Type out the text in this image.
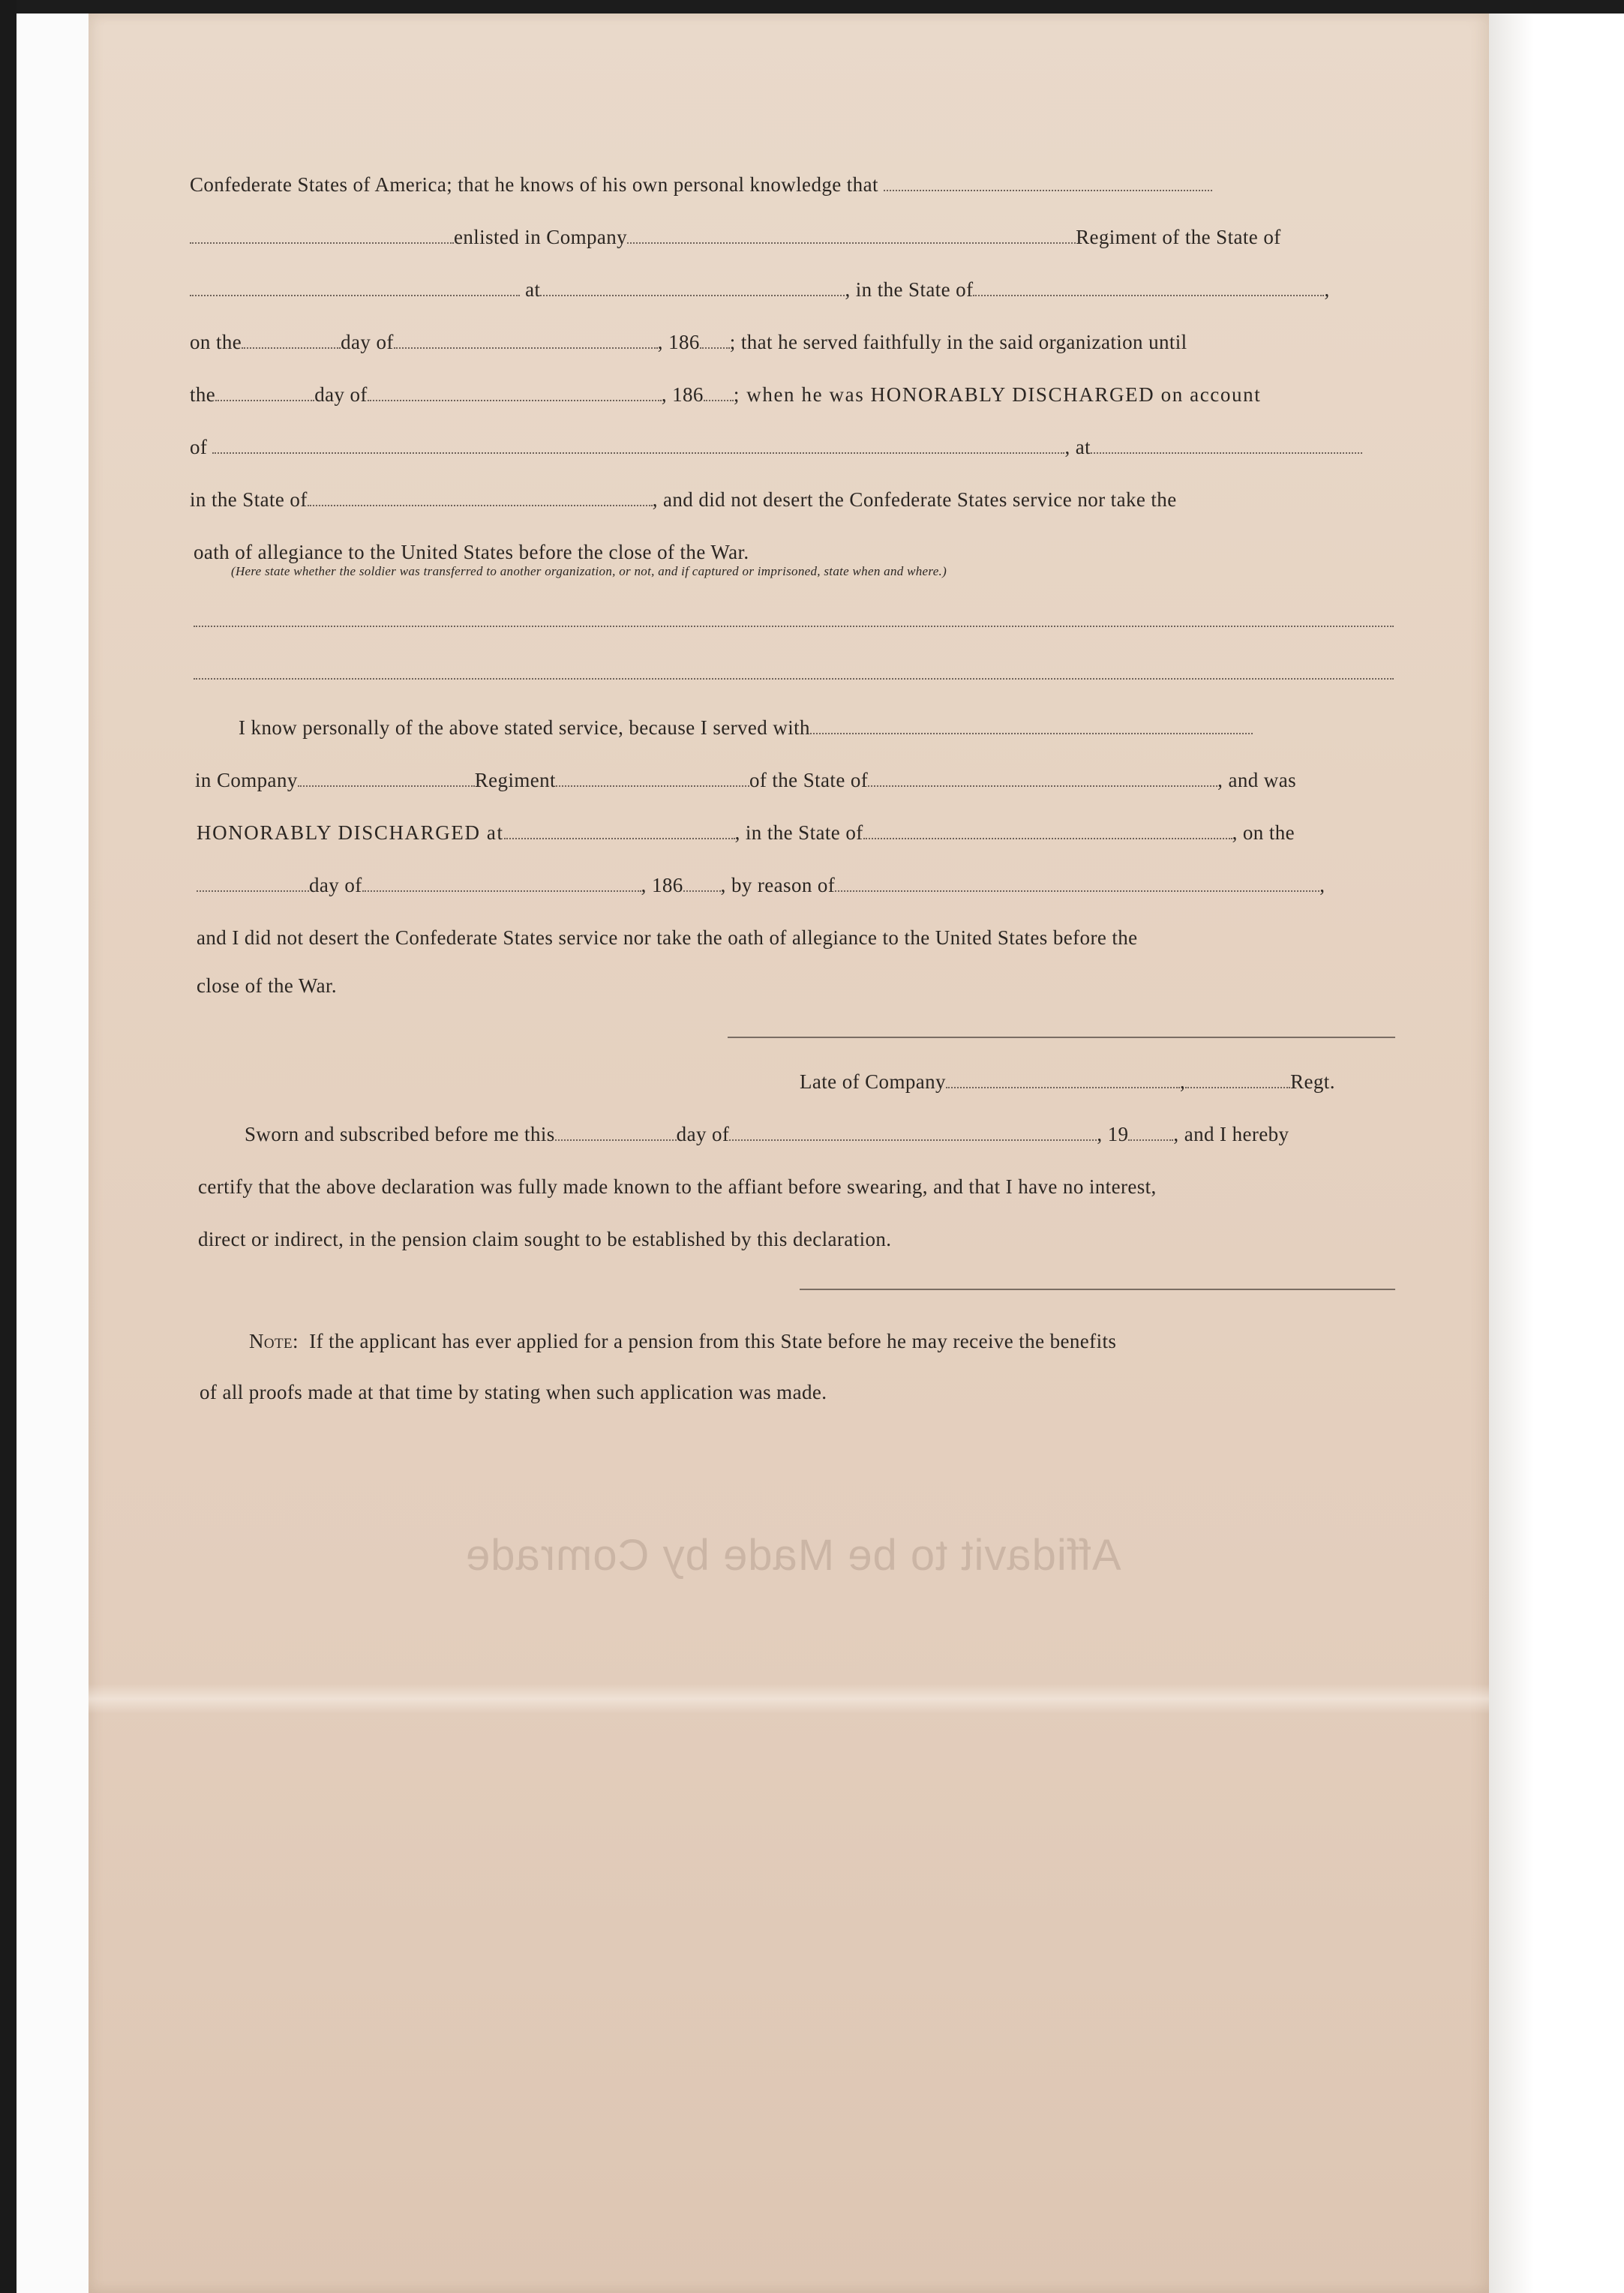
Affidavit to be Made by Comrade
Confederate States of America; that he knows of his own personal knowledge that
enlisted in Company	Regiment of the State of
at	, in the State of	,
on the	day of	, 186 ; that he served faithfully in the said organization until
the	day of	, 186 ; when he was HONORABLY DISCHARGED on account
of	, at
in the State of	, and did not desert the Confederate States service nor take the
oath of allegiance to the United States before the close of the War.
(Here state whether the soldier was transferred to another organization, or not, and if captured or imprisoned, state when and where.)
I know personally of the above stated service, because I served with
in Company	Regiment	of the State of	, and was
HONORABLY DISCHARGED at	, in the State of	, on the
day of	, 186 , by reason of	,
and I did not desert the Confederate States service nor take the oath of allegiance to the United States before the
close of the War.
Late of Company	,	Regt.
Sworn and subscribed before me this	day of	, 19 , and I hereby
certify that the above declaration was fully made known to the affiant before swearing, and that I have no interest,
direct or indirect, in the pension claim sought to be established by this declaration.
Note: If the applicant has ever applied for a pension from this State before he may receive the benefits
of all proofs made at that time by stating when such application was made.
